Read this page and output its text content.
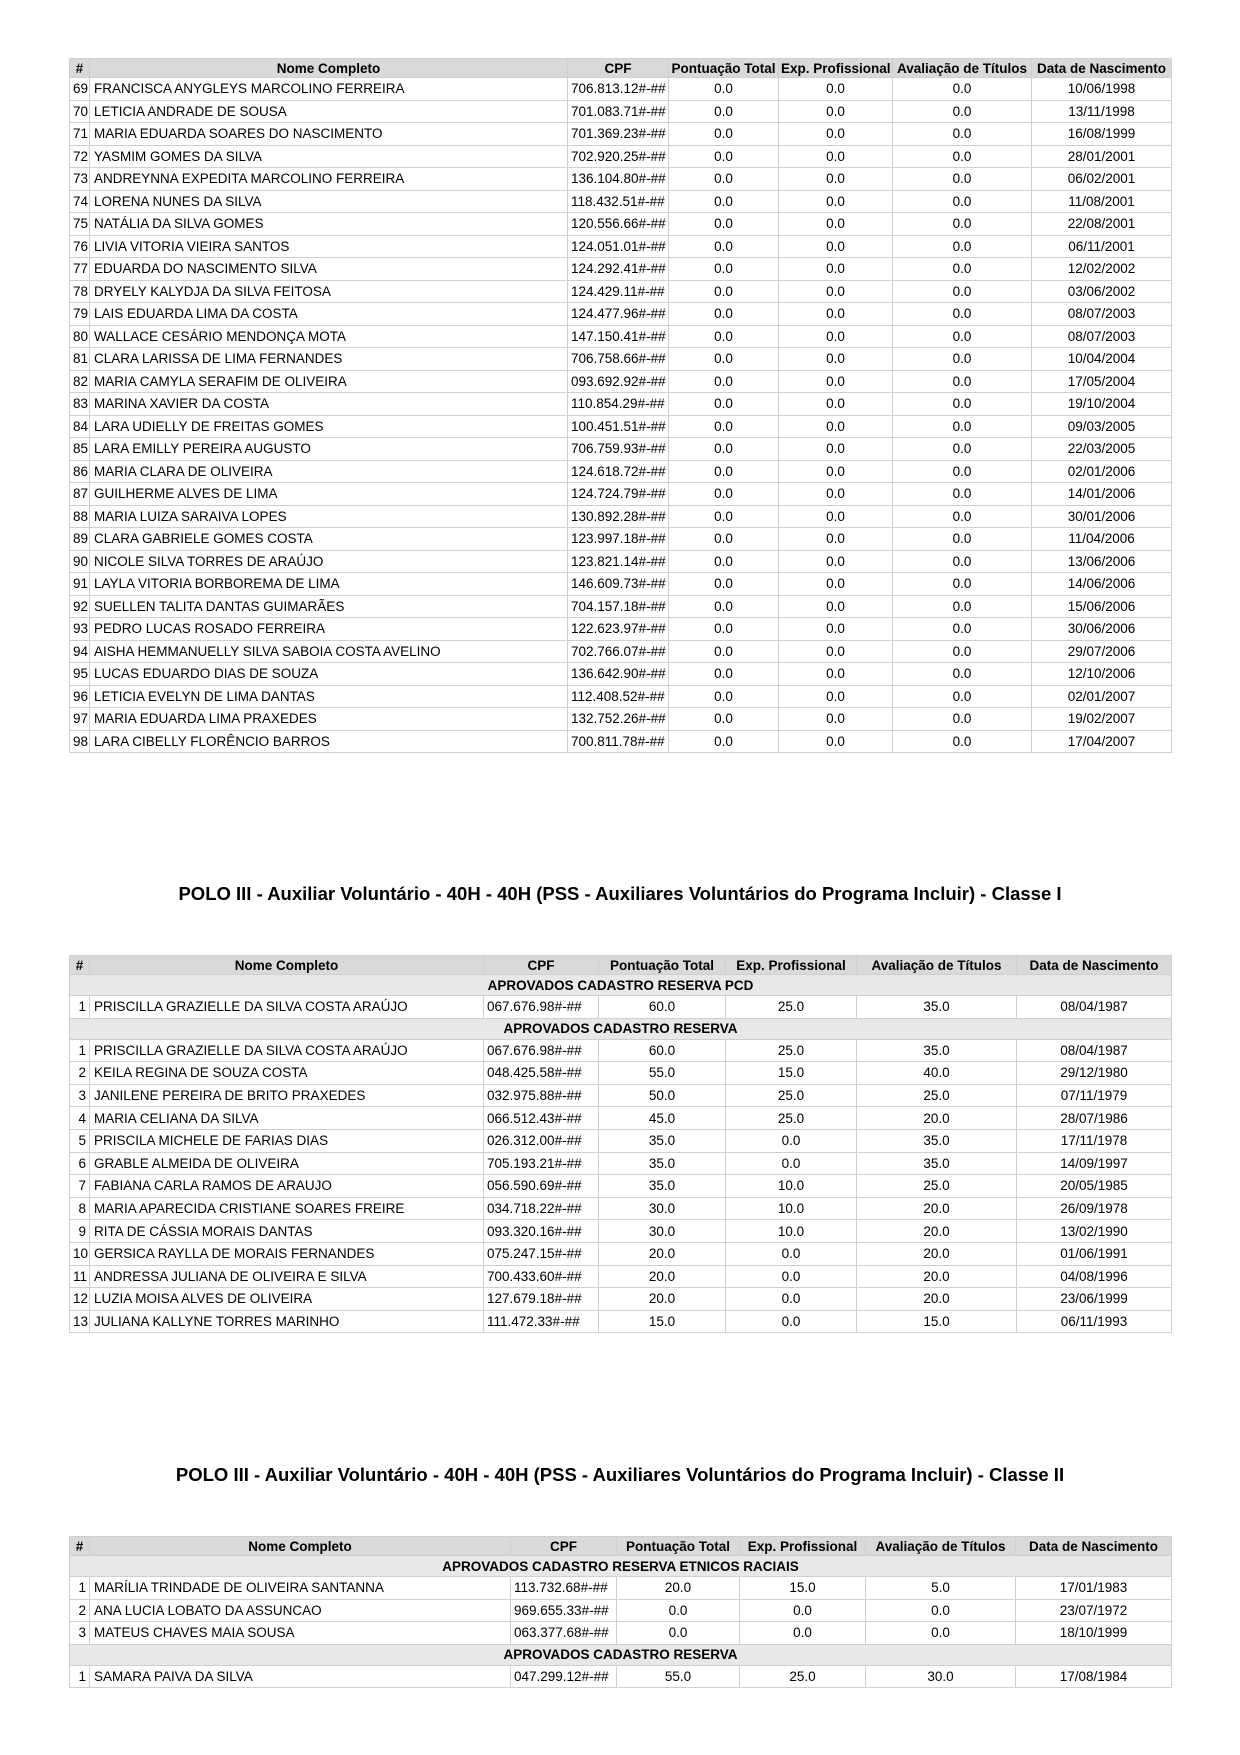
#	Nome Completo	CPF	Pontuação Total	Exp. Profissional	Avaliação de Títulos	Data de Nascimento
69	FRANCISCA ANYGLEYS MARCOLINO FERREIRA	706.813.12#-##	0.0	0.0	0.0	10/06/1998
70	LETICIA ANDRADE DE SOUSA	701.083.71#-##	0.0	0.0	0.0	13/11/1998
71	MARIA EDUARDA SOARES DO NASCIMENTO	701.369.23#-##	0.0	0.0	0.0	16/08/1999
72	YASMIM GOMES DA SILVA	702.920.25#-##	0.0	0.0	0.0	28/01/2001
73	ANDREYNNA EXPEDITA MARCOLINO FERREIRA	136.104.80#-##	0.0	0.0	0.0	06/02/2001
74	LORENA NUNES DA SILVA	118.432.51#-##	0.0	0.0	0.0	11/08/2001
75	NATÁLIA DA SILVA GOMES	120.556.66#-##	0.0	0.0	0.0	22/08/2001
76	LIVIA VITORIA VIEIRA SANTOS	124.051.01#-##	0.0	0.0	0.0	06/11/2001
77	EDUARDA DO NASCIMENTO SILVA	124.292.41#-##	0.0	0.0	0.0	12/02/2002
78	DRYELY KALYDJA DA SILVA FEITOSA	124.429.11#-##	0.0	0.0	0.0	03/06/2002
79	LAIS EDUARDA LIMA DA COSTA	124.477.96#-##	0.0	0.0	0.0	08/07/2003
80	WALLACE CESÁRIO MENDONÇA MOTA	147.150.41#-##	0.0	0.0	0.0	08/07/2003
81	CLARA LARISSA DE LIMA FERNANDES	706.758.66#-##	0.0	0.0	0.0	10/04/2004
82	MARIA CAMYLA SERAFIM DE OLIVEIRA	093.692.92#-##	0.0	0.0	0.0	17/05/2004
83	MARINA XAVIER DA COSTA	110.854.29#-##	0.0	0.0	0.0	19/10/2004
84	LARA UDIELLY DE FREITAS GOMES	100.451.51#-##	0.0	0.0	0.0	09/03/2005
85	LARA EMILLY PEREIRA AUGUSTO	706.759.93#-##	0.0	0.0	0.0	22/03/2005
86	MARIA CLARA DE OLIVEIRA	124.618.72#-##	0.0	0.0	0.0	02/01/2006
87	GUILHERME ALVES DE LIMA	124.724.79#-##	0.0	0.0	0.0	14/01/2006
88	MARIA LUIZA SARAIVA LOPES	130.892.28#-##	0.0	0.0	0.0	30/01/2006
89	CLARA GABRIELE GOMES COSTA	123.997.18#-##	0.0	0.0	0.0	11/04/2006
90	NICOLE SILVA TORRES DE ARAÚJO	123.821.14#-##	0.0	0.0	0.0	13/06/2006
91	LAYLA VITORIA BORBOREMA DE LIMA	146.609.73#-##	0.0	0.0	0.0	14/06/2006
92	SUELLEN TALITA DANTAS GUIMARÃES	704.157.18#-##	0.0	0.0	0.0	15/06/2006
93	PEDRO LUCAS ROSADO FERREIRA	122.623.97#-##	0.0	0.0	0.0	30/06/2006
94	AISHA HEMMANUELLY SILVA SABOIA COSTA AVELINO	702.766.07#-##	0.0	0.0	0.0	29/07/2006
95	LUCAS EDUARDO DIAS DE SOUZA	136.642.90#-##	0.0	0.0	0.0	12/10/2006
96	LETICIA EVELYN DE LIMA DANTAS	112.408.52#-##	0.0	0.0	0.0	02/01/2007
97	MARIA EDUARDA LIMA PRAXEDES	132.752.26#-##	0.0	0.0	0.0	19/02/2007
98	LARA CIBELLY FLORÊNCIO BARROS	700.811.78#-##	0.0	0.0	0.0	17/04/2007
POLO III - Auxiliar Voluntário - 40H - 40H (PSS - Auxiliares Voluntários do Programa Incluir) - Classe I
#	Nome Completo	CPF	Pontuação Total	Exp. Profissional	Avaliação de Títulos	Data de Nascimento
APROVADOS CADASTRO RESERVA PCD						
1	PRISCILLA GRAZIELLE DA SILVA COSTA ARAÚJO	067.676.98#-##	60.0	25.0	35.0	08/04/1987
APROVADOS CADASTRO RESERVA						
1	PRISCILLA GRAZIELLE DA SILVA COSTA ARAÚJO	067.676.98#-##	60.0	25.0	35.0	08/04/1987
2	KEILA REGINA DE SOUZA COSTA	048.425.58#-##	55.0	15.0	40.0	29/12/1980
3	JANILENE PEREIRA DE BRITO PRAXEDES	032.975.88#-##	50.0	25.0	25.0	07/11/1979
4	MARIA CELIANA DA SILVA	066.512.43#-##	45.0	25.0	20.0	28/07/1986
5	PRISCILA MICHELE DE FARIAS DIAS	026.312.00#-##	35.0	0.0	35.0	17/11/1978
6	GRABLE ALMEIDA DE OLIVEIRA	705.193.21#-##	35.0	0.0	35.0	14/09/1997
7	FABIANA CARLA RAMOS DE ARAUJO	056.590.69#-##	35.0	10.0	25.0	20/05/1985
8	MARIA APARECIDA CRISTIANE SOARES FREIRE	034.718.22#-##	30.0	10.0	20.0	26/09/1978
9	RITA DE CÁSSIA MORAIS DANTAS	093.320.16#-##	30.0	10.0	20.0	13/02/1990
10	GERSICA RAYLLA DE MORAIS FERNANDES	075.247.15#-##	20.0	0.0	20.0	01/06/1991
11	ANDRESSA JULIANA DE OLIVEIRA E SILVA	700.433.60#-##	20.0	0.0	20.0	04/08/1996
12	LUZIA MOISA ALVES DE OLIVEIRA	127.679.18#-##	20.0	0.0	20.0	23/06/1999
13	JULIANA KALLYNE TORRES MARINHO	111.472.33#-##	15.0	0.0	15.0	06/11/1993
POLO III - Auxiliar Voluntário - 40H - 40H (PSS - Auxiliares Voluntários do Programa Incluir) - Classe II
#	Nome Completo	CPF	Pontuação Total	Exp. Profissional	Avaliação de Títulos	Data de Nascimento
APROVADOS CADASTRO RESERVA ETNICOS RACIAIS						
1	MARÍLIA TRINDADE DE OLIVEIRA SANTANNA	113.732.68#-##	20.0	15.0	5.0	17/01/1983
2	ANA LUCIA LOBATO DA ASSUNCAO	969.655.33#-##	0.0	0.0	0.0	23/07/1972
3	MATEUS CHAVES MAIA SOUSA	063.377.68#-##	0.0	0.0	0.0	18/10/1999
APROVADOS CADASTRO RESERVA						
1	SAMARA PAIVA DA SILVA	047.299.12#-##	55.0	25.0	30.0	17/08/1984
